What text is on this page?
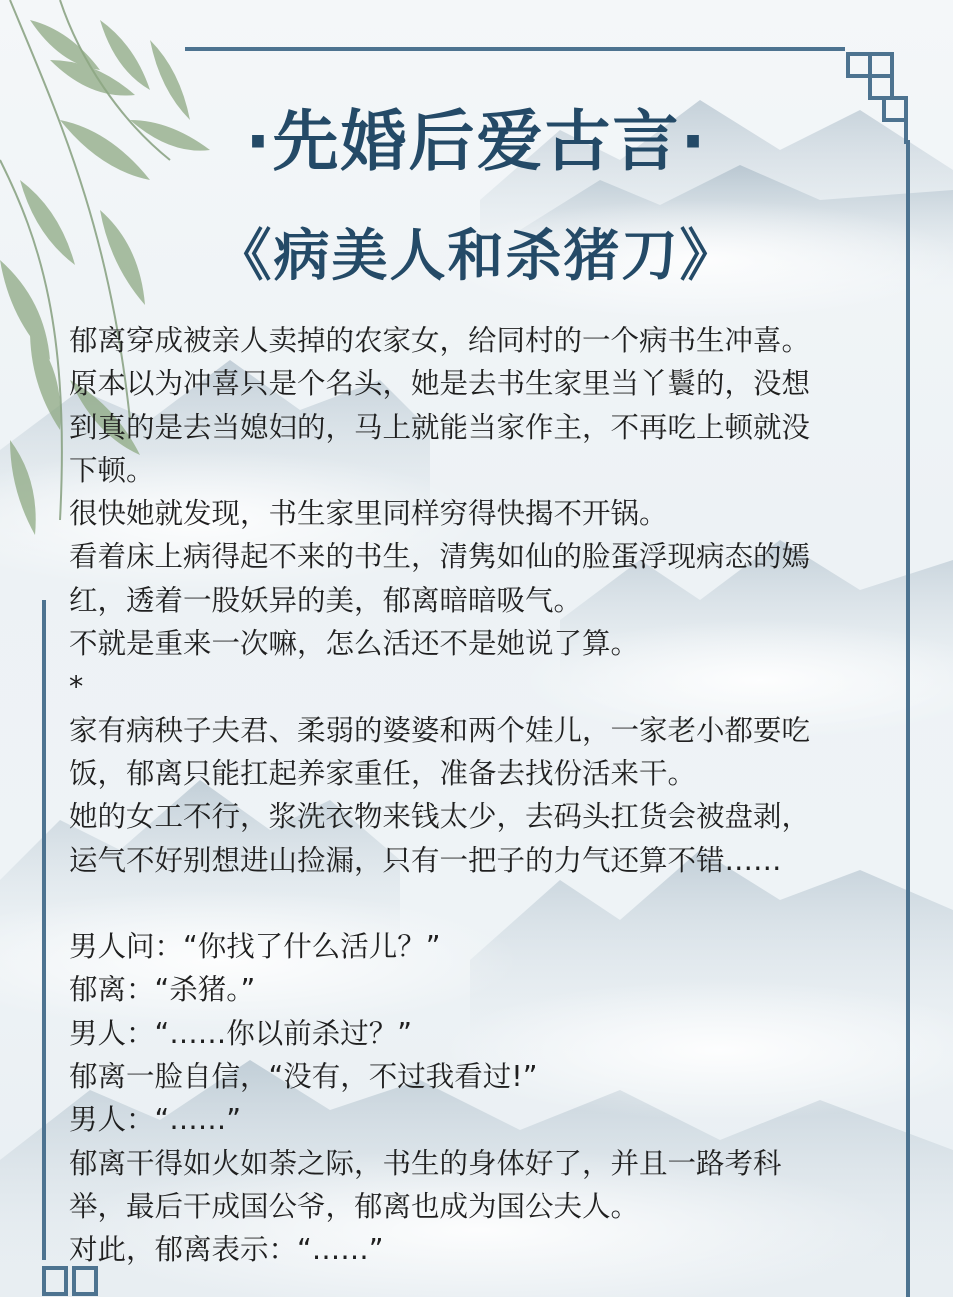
·先婚后爱古言·
《病美人和杀猪刀》
郁离穿成被亲人卖掉的农家女，给同村的一个病书生冲喜。
原本以为冲喜只是个名头，她是去书生家里当丫鬟的，没想
到真的是去当媳妇的，马上就能当家作主，不再吃上顿就没
下顿。
很快她就发现，书生家里同样穷得快揭不开锅。
看着床上病得起不来的书生，清隽如仙的脸蛋浮现病态的嫣
红，透着一股妖异的美，郁离暗暗吸气。
不就是重来一次嘛，怎么活还不是她说了算。
*
家有病秧子夫君、柔弱的婆婆和两个娃儿，一家老小都要吃
饭，郁离只能扛起养家重任，准备去找份活来干。
她的女工不行，浆洗衣物来钱太少，去码头扛货会被盘剥，
运气不好别想进山捡漏，只有一把子的力气还算不错……
男人问：“你找了什么活儿？”
郁离：“杀猪。”
男人：“……你以前杀过？”
郁离一脸自信，“没有，不过我看过!”
男人：“……”
郁离干得如火如荼之际，书生的身体好了，并且一路考科
举，最后干成国公爷，郁离也成为国公夫人。
对此，郁离表示：“……”
